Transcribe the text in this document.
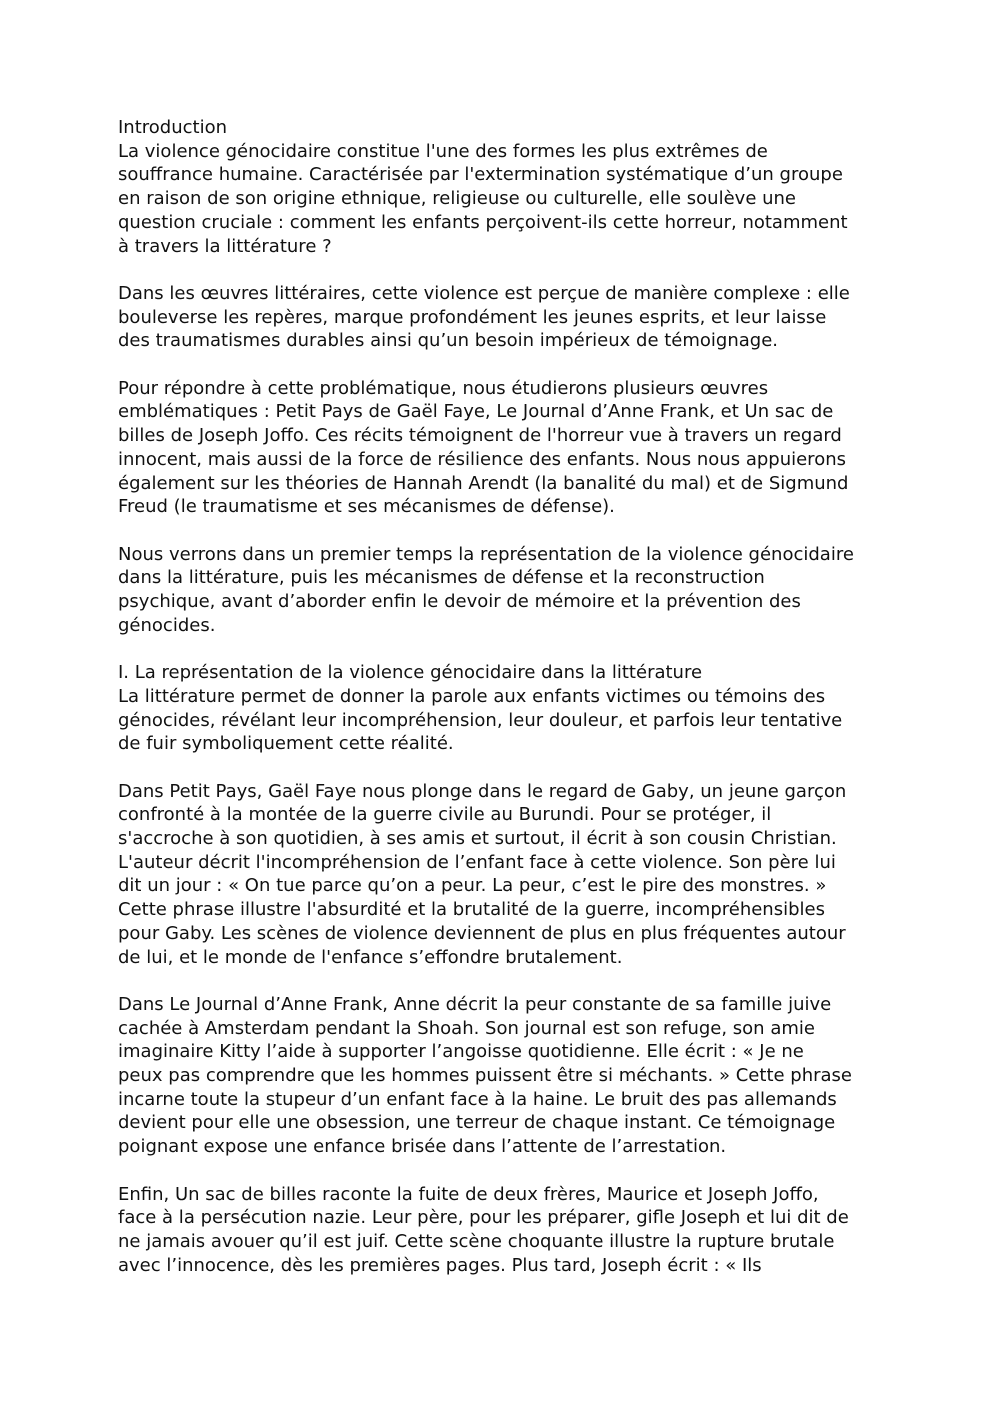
Introduction
La violence génocidaire constitue l'une des formes les plus extrêmes de
souffrance humaine. Caractérisée par l'extermination systématique d’un groupe
en raison de son origine ethnique, religieuse ou culturelle, elle soulève une
question cruciale : comment les enfants perçoivent-ils cette horreur, notamment
à travers la littérature ?
Dans les œuvres littéraires, cette violence est perçue de manière complexe : elle
bouleverse les repères, marque profondément les jeunes esprits, et leur laisse
des traumatismes durables ainsi qu’un besoin impérieux de témoignage.
Pour répondre à cette problématique, nous étudierons plusieurs œuvres
emblématiques : Petit Pays de Gaël Faye, Le Journal d’Anne Frank, et Un sac de
billes de Joseph Joffo. Ces récits témoignent de l'horreur vue à travers un regard
innocent, mais aussi de la force de résilience des enfants. Nous nous appuierons
également sur les théories de Hannah Arendt (la banalité du mal) et de Sigmund
Freud (le traumatisme et ses mécanismes de défense).
Nous verrons dans un premier temps la représentation de la violence génocidaire
dans la littérature, puis les mécanismes de défense et la reconstruction
psychique, avant d’aborder enfin le devoir de mémoire et la prévention des
génocides.
I. La représentation de la violence génocidaire dans la littérature
La littérature permet de donner la parole aux enfants victimes ou témoins des
génocides, révélant leur incompréhension, leur douleur, et parfois leur tentative
de fuir symboliquement cette réalité.
Dans Petit Pays, Gaël Faye nous plonge dans le regard de Gaby, un jeune garçon
confronté à la montée de la guerre civile au Burundi. Pour se protéger, il
s'accroche à son quotidien, à ses amis et surtout, il écrit à son cousin Christian.
L'auteur décrit l'incompréhension de l’enfant face à cette violence. Son père lui
dit un jour : « On tue parce qu’on a peur. La peur, c’est le pire des monstres. »
Cette phrase illustre l'absurdité et la brutalité de la guerre, incompréhensibles
pour Gaby. Les scènes de violence deviennent de plus en plus fréquentes autour
de lui, et le monde de l'enfance s’effondre brutalement.
Dans Le Journal d’Anne Frank, Anne décrit la peur constante de sa famille juive
cachée à Amsterdam pendant la Shoah. Son journal est son refuge, son amie
imaginaire Kitty l’aide à supporter l’angoisse quotidienne. Elle écrit : « Je ne
peux pas comprendre que les hommes puissent être si méchants. » Cette phrase
incarne toute la stupeur d’un enfant face à la haine. Le bruit des pas allemands
devient pour elle une obsession, une terreur de chaque instant. Ce témoignage
poignant expose une enfance brisée dans l’attente de l’arrestation.
Enfin, Un sac de billes raconte la fuite de deux frères, Maurice et Joseph Joffo,
face à la persécution nazie. Leur père, pour les préparer, gifle Joseph et lui dit de
ne jamais avouer qu’il est juif. Cette scène choquante illustre la rupture brutale
avec l’innocence, dès les premières pages. Plus tard, Joseph écrit : « Ils
